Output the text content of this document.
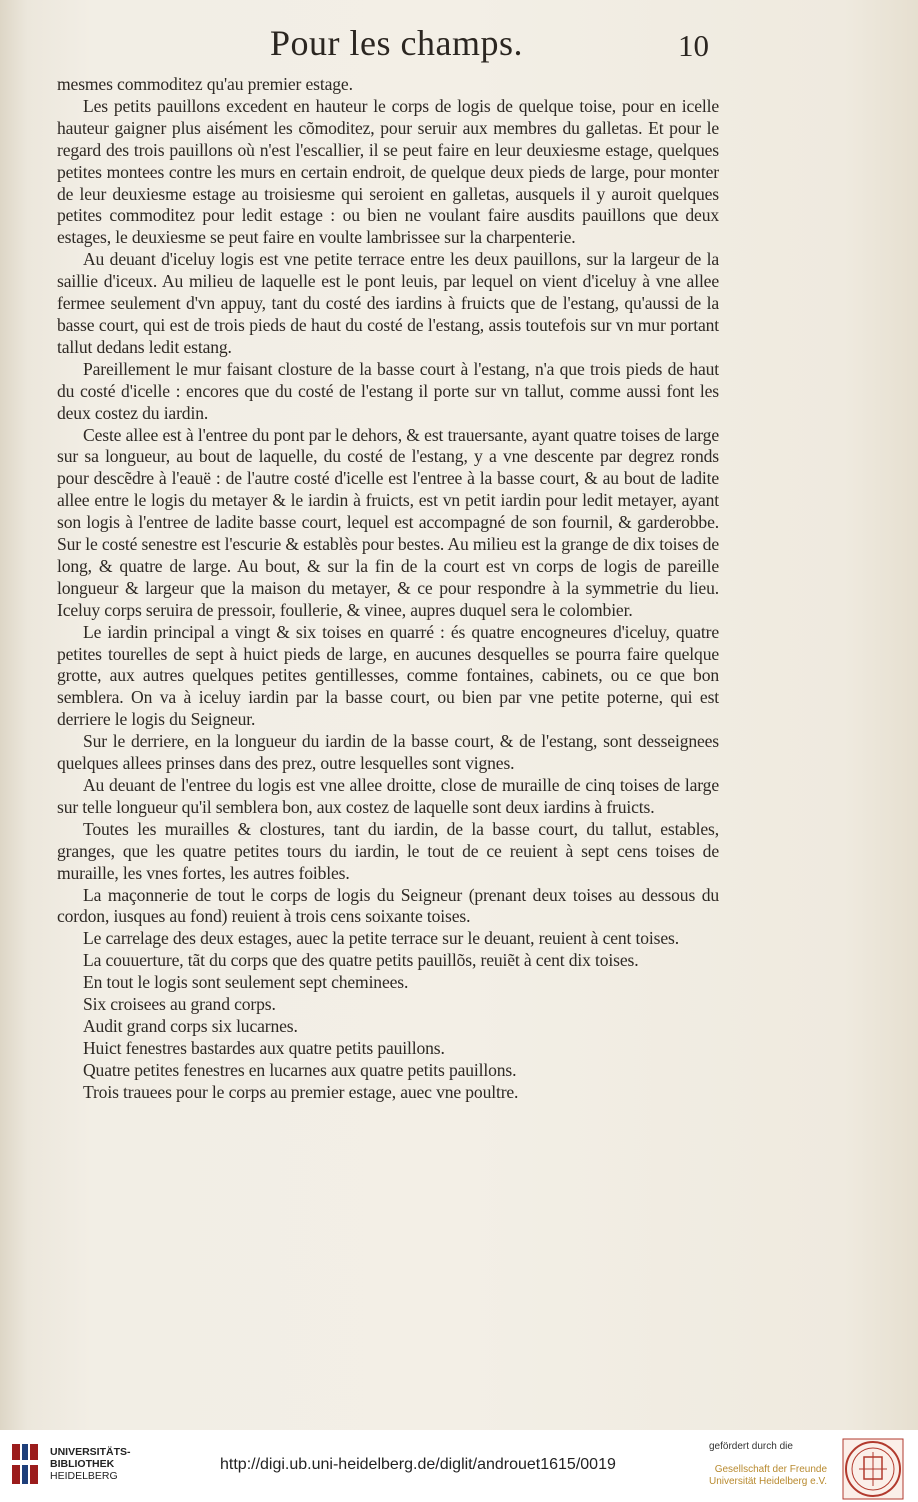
Pour les champs.	10

mesmes commoditez qu'au premier estage.

Les petits pauillons excedent en hauteur le corps de logis de quelque toise, pour en icelle hauteur gaigner plus aisément les cõmoditez, pour seruir aux membres du galletas. Et pour le regard des trois pauillons où n'est l'escallier, il se peut faire en leur deuxiesme estage, quelques petites montees contre les murs en certain endroit, de quelque deux pieds de large, pour monter de leur deuxiesme estage au troisiesme qui seroient en galletas, ausquels il y auroit quelques petites commoditez pour ledit estage : ou bien ne voulant faire ausdits pauillons que deux estages, le deuxiesme se peut faire en voulte lambrissee sur la charpenterie.

Au deuant d'iceluy logis est vne petite terrace entre les deux pauillons, sur la largeur de la saillie d'iceux. Au milieu de laquelle est le pont leuis, par lequel on vient d'iceluy à vne allee fermee seulement d'vn appuy, tant du costé des iardins à fruicts que de l'estang, qu'aussi de la basse court, qui est de trois pieds de haut du costé de l'estang, assis toutefois sur vn mur portant tallut dedans ledit estang.

Pareillement le mur faisant closture de la basse court à l'estang, n'a que trois pieds de haut du costé d'icelle : encores que du costé de l'estang il porte sur vn tallut, comme aussi font les deux costez du iardin.

Ceste allee est à l'entree du pont par le dehors, & est trauersante, ayant quatre toises de large sur sa longueur, au bout de laquelle, du costé de l'estang, y a vne descente par degrez ronds pour descẽdre à l'eauë : de l'autre costé d'icelle est l'entree à la basse court, & au bout de ladite allee entre le logis du metayer & le iardin à fruicts, est vn petit iardin pour ledit metayer, ayant son logis à l'entree de ladite basse court, lequel est accompagné de son fournil, & garderobbe. Sur le costé senestre est l'escurie & establès pour bestes. Au milieu est la grange de dix toises de long, & quatre de large. Au bout, & sur la fin de la court est vn corps de logis de pareille longueur & largeur que la maison du metayer, & ce pour respondre à la symmetrie du lieu. Iceluy corps seruira de pressoir, foullerie, & vinee, aupres duquel sera le colombier.

Le iardin principal a vingt & six toises en quarré : és quatre encogneures d'iceluy, quatre petites tourelles de sept à huict pieds de large, en aucunes desquelles se pourra faire quelque grotte, aux autres quelques petites gentillesses, comme fontaines, cabinets, ou ce que bon semblera. On va à iceluy iardin par la basse court, ou bien par vne petite poterne, qui est derriere le logis du Seigneur.

Sur le derriere, en la longueur du iardin de la basse court, & de l'estang, sont desseignees quelques allees prinses dans des prez, outre lesquelles sont vignes.

Au deuant de l'entree du logis est vne allee droitte, close de muraille de cinq toises de large sur telle longueur qu'il semblera bon, aux costez de laquelle sont deux iardins à fruicts.

Toutes les murailles & clostures, tant du iardin, de la basse court, du tallut, estables, granges, que les quatre petites tours du iardin, le tout de ce reuient à sept cens toises de muraille, les vnes fortes, les autres foibles.

La maçonnerie de tout le corps de logis du Seigneur (prenant deux toises au dessous du cordon, iusques au fond) reuient à trois cens soixante toises.

Le carrelage des deux estages, auec la petite terrace sur le deuant, reuient à cent toises.

La couuerture, tãt du corps que des quatre petits pauillõs, reuiẽt à cent dix toises.

En tout le logis sont seulement sept cheminees.

Six croisees au grand corps.

Audit grand corps six lucarnes.

Huict fenestres bastardes aux quatre petits pauillons.

Quatre petites fenestres en lucarnes aux quatre petits pauillons.

Trois trauees pour le corps au premier estage, auec vne poultre.

UNIVERSITÄTS-
BIBLIOTHEK
HEIDELBERG
http://digi.ub.uni-heidelberg.de/diglit/androuet1615/0019
gefördert durch die
Gesellschaft der Freunde
Universität Heidelberg e.V.
